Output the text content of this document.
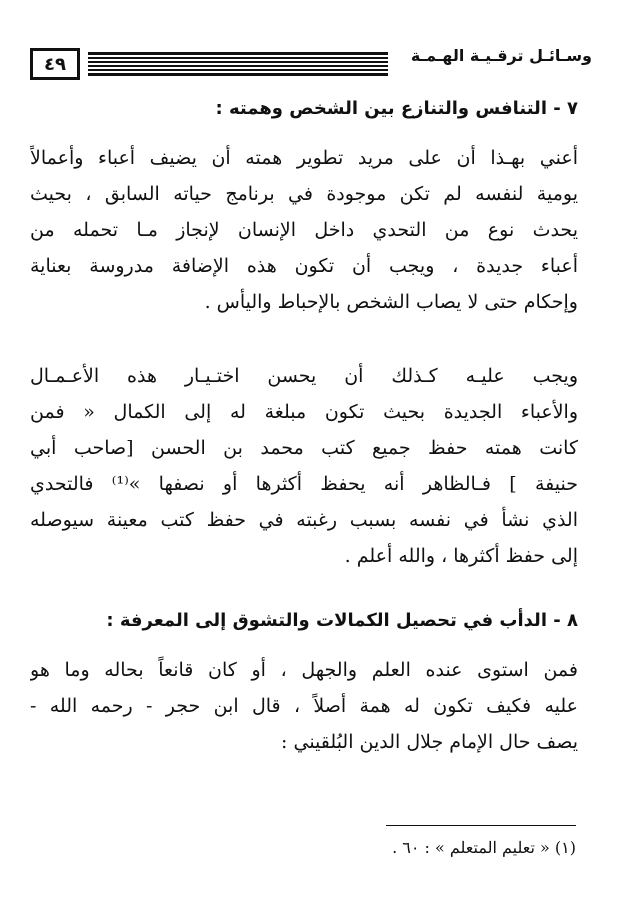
٤٩	وسـائـل ترقـيـة الهـمـة
٧ - التنافس والتنازع بين الشخص وهمته :
أعني بهـذا أن على مريد تطوير همته أن يضيف أعباء وأعمالاً
يومية لنفسه لم تكن موجودة في برنامج حياته السابق ، بحيث
يحدث نوع من التحدي داخل الإنسان لإنجاز مـا تحمله من
أعباء جديدة ، ويجب أن تكون هذه الإضافة مدروسة بعناية
وإحكام حتى لا يصاب الشخص بالإحباط واليأس .
ويجب عليـه كـذلك أن يحسن اختـيـار هذه الأعـمـال
والأعباء الجديدة بحيث تكون مبلغة له إلى الكمال « فمن
كانت همته حفظ جميع كتب محمد بن الحسن [صاحب أبي
حنيفة ] فـالظاهر أنه يحفظ أكثرها أو نصفها »⁽¹⁾ فالتحدي
الذي نشأ في نفسه بسبب رغبته في حفظ كتب معينة سيوصله
إلى حفظ أكثرها ، والله أعلم .
٨ - الدأب في تحصيل الكمالات والتشوق إلى المعرفة :
فمن استوى عنده العلم والجهل ، أو كان قانعاً بحاله وما هو
عليه فكيف تكون له همة أصلاً ، قال ابن حجر - رحمه الله -
يصف حال الإمام جلال الدين البُلقيني :
(١) « تعليم المتعلم » : ٦٠ .
